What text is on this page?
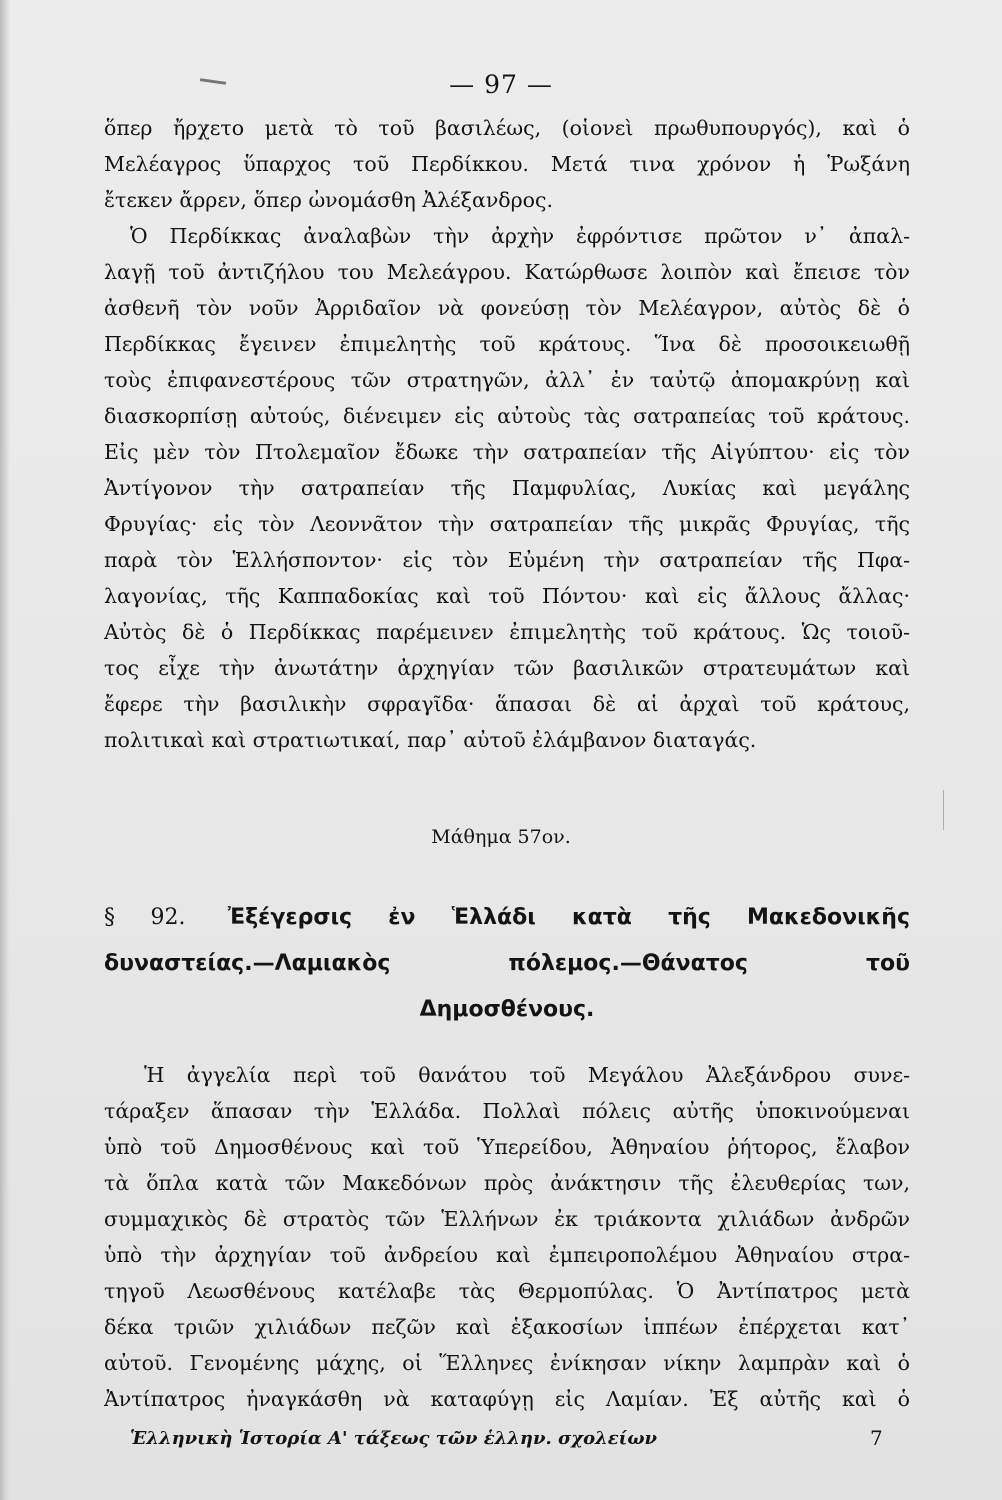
— 97 —
ὅπερ ἤρχετο μετὰ τὸ τοῦ βασιλέως, (οἱονεὶ πρωθυπουργός), καὶ ὁ
Μελέαγρος ὕπαρχος τοῦ Περδίκκου. Μετά τινα χρόνον ἡ Ῥωξάνη
ἔτεκεν ἄρρεν, ὅπερ ὠνομάσθη Ἀλέξανδρος.
Ὁ Περδίκκας ἀναλαβὼν τὴν ἀρχὴν ἐφρόντισε πρῶτον ν᾽ ἀπαλ-
λαγῇ τοῦ ἀντιζήλου του Μελεάγρου. Κατώρθωσε λοιπὸν καὶ ἔπεισε τὸν
ἀσθενῆ τὸν νοῦν Ἀρριδαῖον νὰ φονεύσῃ τὸν Μελέαγρον, αὐτὸς δὲ ὁ
Περδίκκας ἔγεινεν ἐπιμελητὴς τοῦ κράτους. Ἵνα δὲ προσοικειωθῇ
τοὺς ἐπιφανεστέρους τῶν στρατηγῶν, ἀλλ᾽ ἐν ταὐτῷ ἀπομακρύνῃ καὶ
διασκορπίσῃ αὐτούς, διένειμεν εἰς αὐτοὺς τὰς σατραπείας τοῦ κράτους.
Εἰς μὲν τὸν Πτολεμαῖον ἔδωκε τὴν σατραπείαν τῆς Αἰγύπτου· εἰς τὸν
Ἀντίγονον τὴν σατραπείαν τῆς Παμφυλίας, Λυκίας καὶ μεγάλης
Φρυγίας· εἰς τὸν Λεοννᾶτον τὴν σατραπείαν τῆς μικρᾶς Φρυγίας, τῆς
παρὰ τὸν Ἑλλήσποντον· εἰς τὸν Εὐμένη τὴν σατραπείαν τῆς Πφα-
λαγονίας, τῆς Καππαδοκίας καὶ τοῦ Πόντου· καὶ εἰς ἄλλους ἄλλας·
Αὐτὸς δὲ ὁ Περδίκκας παρέμεινεν ἐπιμελητὴς τοῦ κράτους. Ὡς τοιοῦ-
τος εἶχε τὴν ἀνωτάτην ἀρχηγίαν τῶν βασιλικῶν στρατευμάτων καὶ
ἔφερε τὴν βασιλικὴν σφραγῖδα· ἅπασαι δὲ αἱ ἀρχαὶ τοῦ κράτους,
πολιτικαὶ καὶ στρατιωτικαί, παρ᾽ αὐτοῦ ἐλάμβανον διαταγάς.
Μάθημα 57ον.
§ 92. Ἐξέγερσις ἐν Ἑλλάδι κατὰ τῆς Μακεδονικῆς
δυναστείας.—Λαμιακὸς πόλεμος.—Θάνατος τοῦ
Δημοσθένους.
Ἡ ἀγγελία περὶ τοῦ θανάτου τοῦ Μεγάλου Ἀλεξάνδρου συνε-
τάραξεν ἅπασαν τὴν Ἑλλάδα. Πολλαὶ πόλεις αὐτῆς ὑποκινούμεναι
ὑπὸ τοῦ Δημοσθένους καὶ τοῦ Ὑπερείδου, Ἀθηναίου ῥήτορος, ἔλαβον
τὰ ὅπλα κατὰ τῶν Μακεδόνων πρὸς ἀνάκτησιν τῆς ἐλευθερίας των,
συμμαχικὸς δὲ στρατὸς τῶν Ἑλλήνων ἐκ τριάκοντα χιλιάδων ἀνδρῶν
ὑπὸ τὴν ἀρχηγίαν τοῦ ἀνδρείου καὶ ἐμπειροπολέμου Ἀθηναίου στρα-
τηγοῦ Λεωσθένους κατέλαβε τὰς Θερμοπύλας. Ὁ Ἀντίπατρος μετὰ
δέκα τριῶν χιλιάδων πεζῶν καὶ ἑξακοσίων ἱππέων ἐπέρχεται κατ᾽
αὐτοῦ. Γενομένης μάχης, οἱ Ἕλληνες ἐνίκησαν νίκην λαμπρὰν καὶ ὁ
Ἀντίπατρος ἠναγκάσθη νὰ καταφύγῃ εἰς Λαμίαν. Ἐξ αὐτῆς καὶ ὁ
Ἑλληνικὴ Ἱστορία Α' τάξεως τῶν ἑλλην. σχολείων	7
